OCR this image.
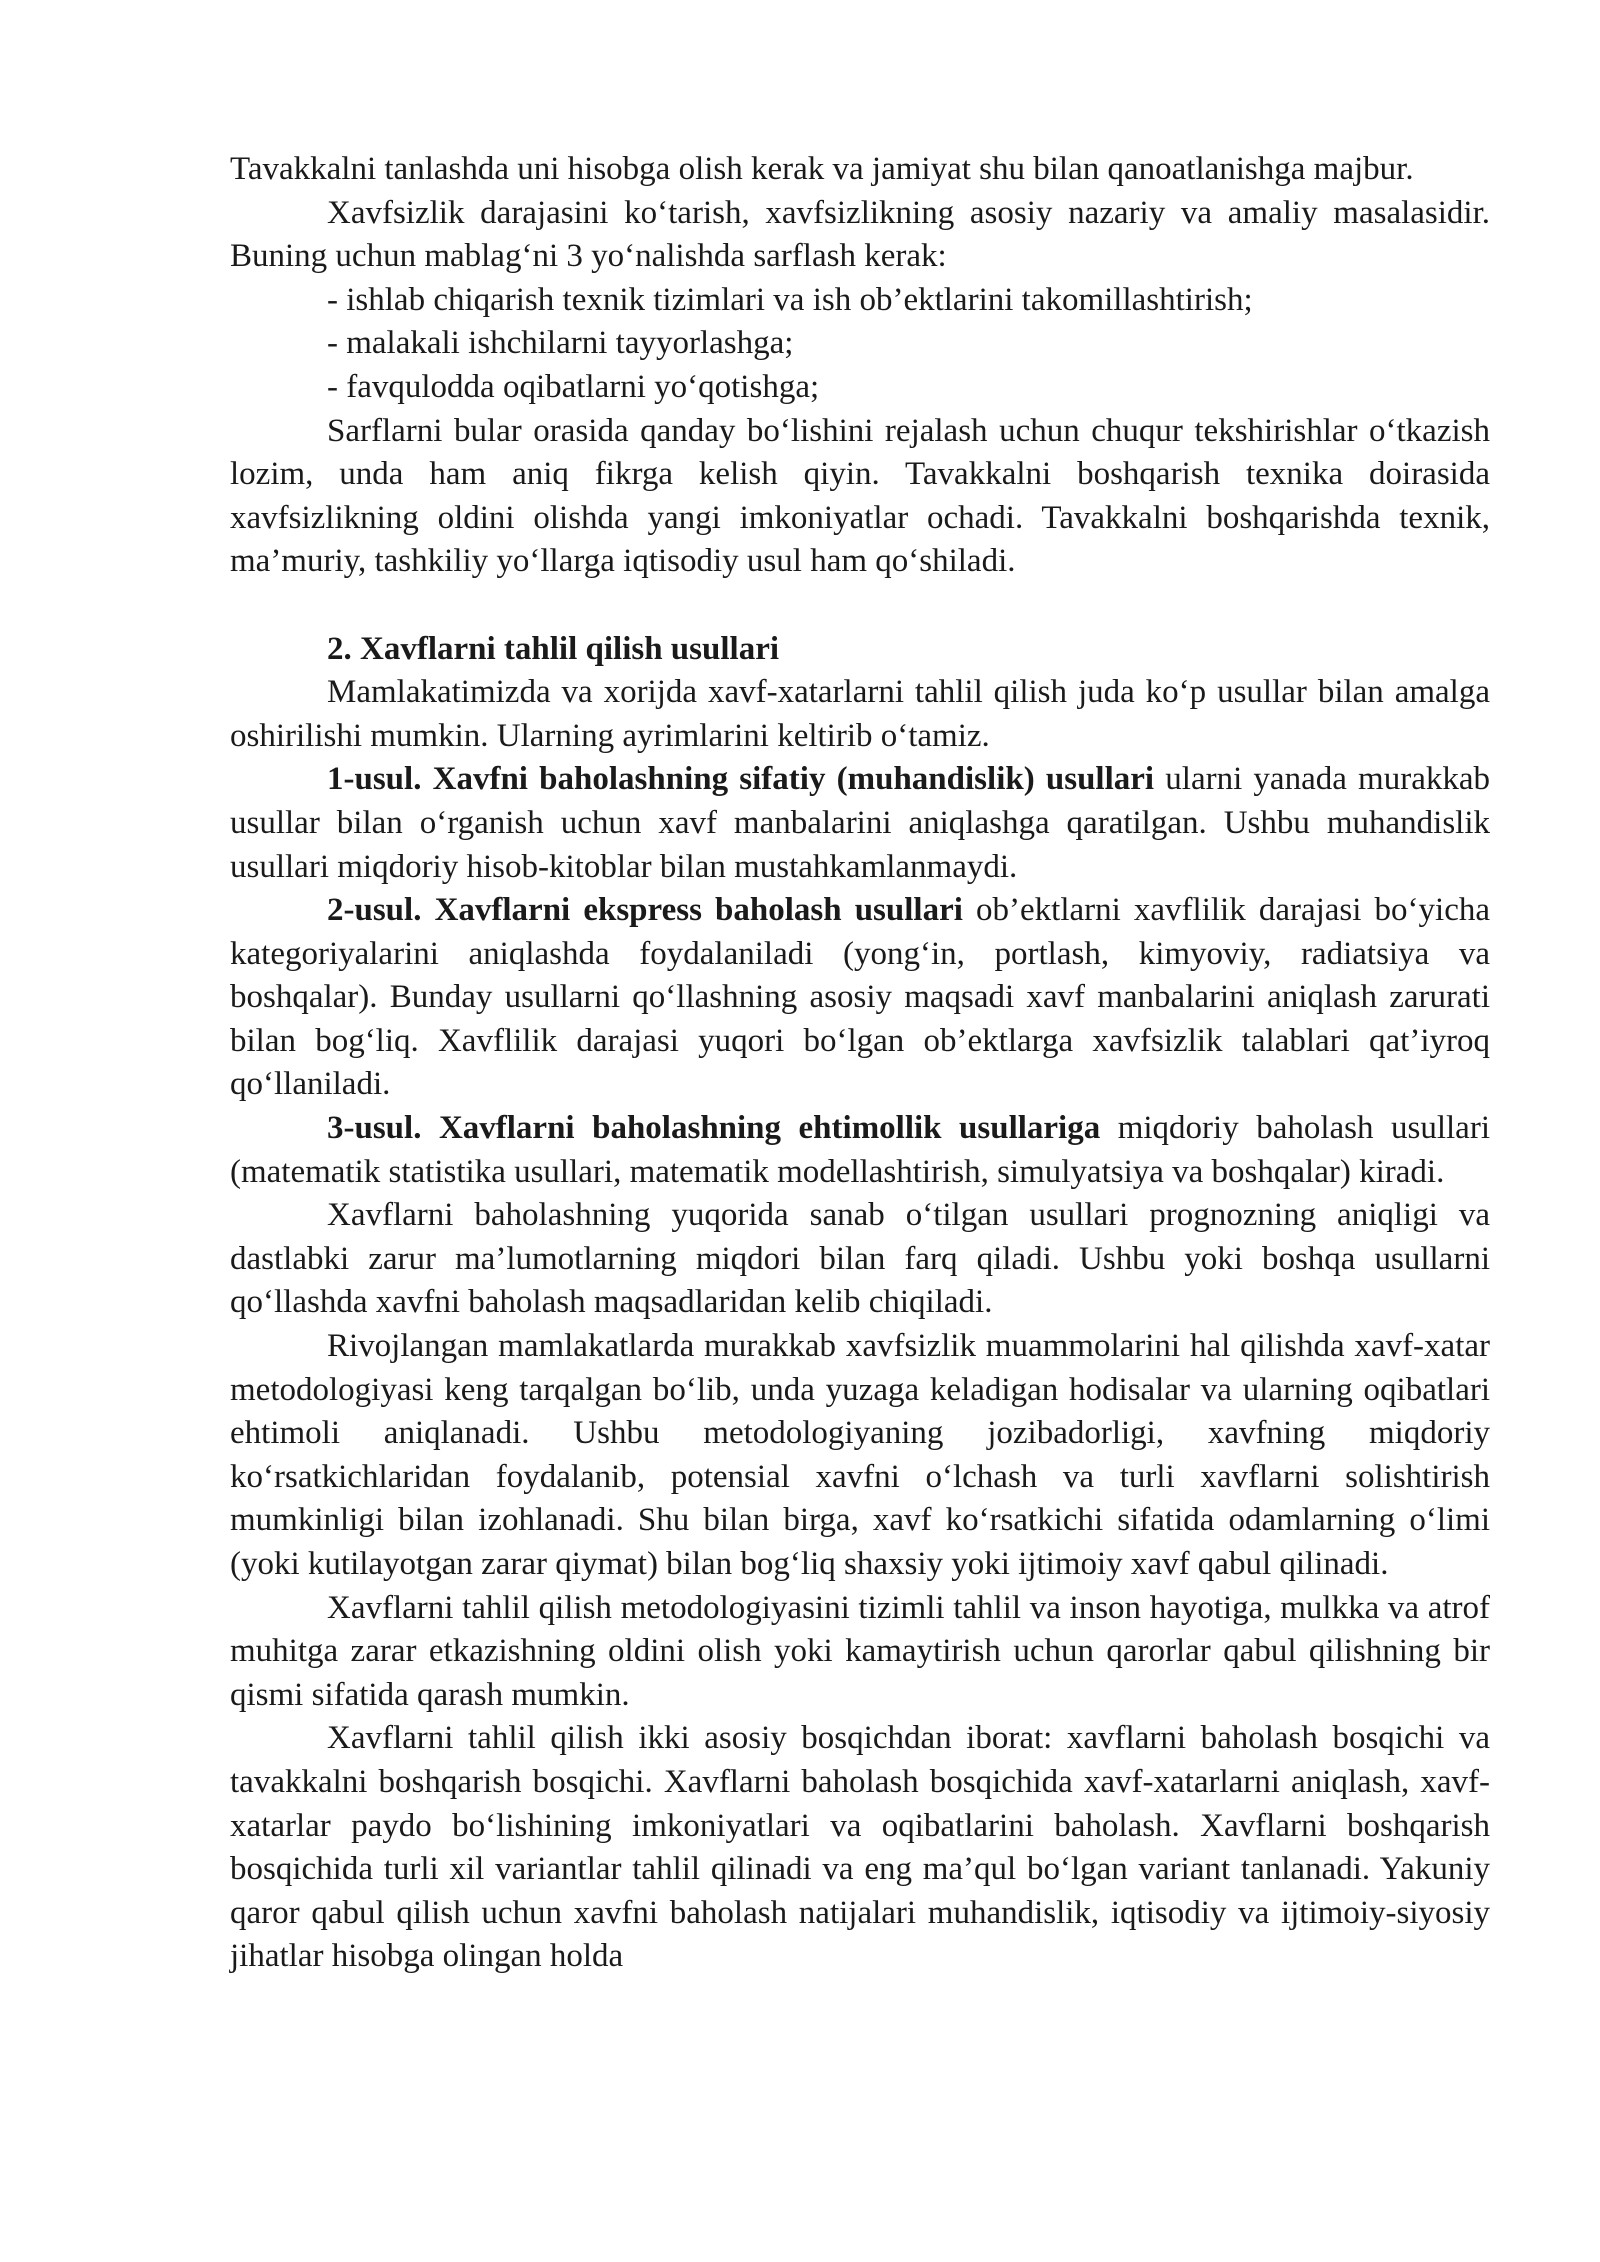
Tavakkalni tanlashda uni hisobga olish kerak va jamiyat shu bilan qanoatlanishga majbur.

Xavfsizlik darajasini ko‘tarish, xavfsizlikning asosiy nazariy va amaliy masalasidir. Buning uchun mablag‘ni 3 yo‘nalishda sarflash kerak:

- ishlab chiqarish texnik tizimlari va ish ob’ektlarini takomillashtirish;

- malakali ishchilarni tayyorlashga;

- favqulodda oqibatlarni yo‘qotishga;

Sarflarni bular orasida qanday bo‘lishini rejalash uchun chuqur tekshirishlar o‘tkazish lozim, unda ham aniq fikrga kelish qiyin. Tavakkalni boshqarish texnika doirasida xavfsizlikning oldini olishda yangi imkoniyatlar ochadi. Tavakkalni boshqarishda texnik, ma’muriy, tashkiliy yo‘llarga iqtisodiy usul ham qo‘shiladi.

2. Xavflarni tahlil qilish usullari

Mamlakatimizda va xorijda xavf-xatarlarni tahlil qilish juda ko‘p usullar bilan amalga oshirilishi mumkin. Ularning ayrimlarini keltirib o‘tamiz.

1-usul. Xavfni baholashning sifatiy (muhandislik) usullari ularni yanada murakkab usullar bilan o‘rganish uchun xavf manbalarini aniqlashga qaratilgan. Ushbu muhandislik usullari miqdoriy hisob-kitoblar bilan mustahkamlanmaydi.

2-usul. Xavflarni ekspress baholash usullari ob’ektlarni xavflilik darajasi bo‘yicha kategoriyalarini aniqlashda foydalaniladi (yong‘in, portlash, kimyoviy, radiatsiya va boshqalar). Bunday usullarni qo‘llashning asosiy maqsadi xavf manbalarini aniqlash zarurati bilan bog‘liq. Xavflilik darajasi yuqori bo‘lgan ob’ektlarga xavfsizlik talablari qat’iyroq qo‘llaniladi.

3-usul. Xavflarni baholashning ehtimollik usullariga miqdoriy baholash usullari (matematik statistika usullari, matematik modellashtirish, simulyatsiya va boshqalar) kiradi.

Xavflarni baholashning yuqorida sanab o‘tilgan usullari prognozning aniqligi va dastlabki zarur ma’lumotlarning miqdori bilan farq qiladi. Ushbu yoki boshqa usullarni qo‘llashda xavfni baholash maqsadlaridan kelib chiqiladi.

Rivojlangan mamlakatlarda murakkab xavfsizlik muammolarini hal qilishda xavf-xatar metodologiyasi keng tarqalgan bo‘lib, unda yuzaga keladigan hodisalar va ularning oqibatlari ehtimoli aniqlanadi. Ushbu metodologiyaning jozibadorligi, xavfning miqdoriy ko‘rsatkichlaridan foydalanib, potensial xavfni o‘lchash va turli xavflarni solishtirish mumkinligi bilan izohlanadi. Shu bilan birga, xavf ko‘rsatkichi sifatida odamlarning o‘limi (yoki kutilayotgan zarar qiymat) bilan bog‘liq shaxsiy yoki ijtimoiy xavf qabul qilinadi.

Xavflarni tahlil qilish metodologiyasini tizimli tahlil va inson hayotiga, mulkka va atrof muhitga zarar etkazishning oldini olish yoki kamaytirish uchun qarorlar qabul qilishning bir qismi sifatida qarash mumkin.

Xavflarni tahlil qilish ikki asosiy bosqichdan iborat: xavflarni baholash bosqichi va tavakkalni boshqarish bosqichi. Xavflarni baholash bosqichida xavf-xatarlarni aniqlash, xavf-xatarlar paydo bo‘lishining imkoniyatlari va oqibatlarini baholash. Xavflarni boshqarish bosqichida turli xil variantlar tahlil qilinadi va eng ma’qul bo‘lgan variant tanlanadi. Yakuniy qaror qabul qilish uchun xavfni baholash natijalari muhandislik, iqtisodiy va ijtimoiy-siyosiy jihatlar hisobga olingan holda
